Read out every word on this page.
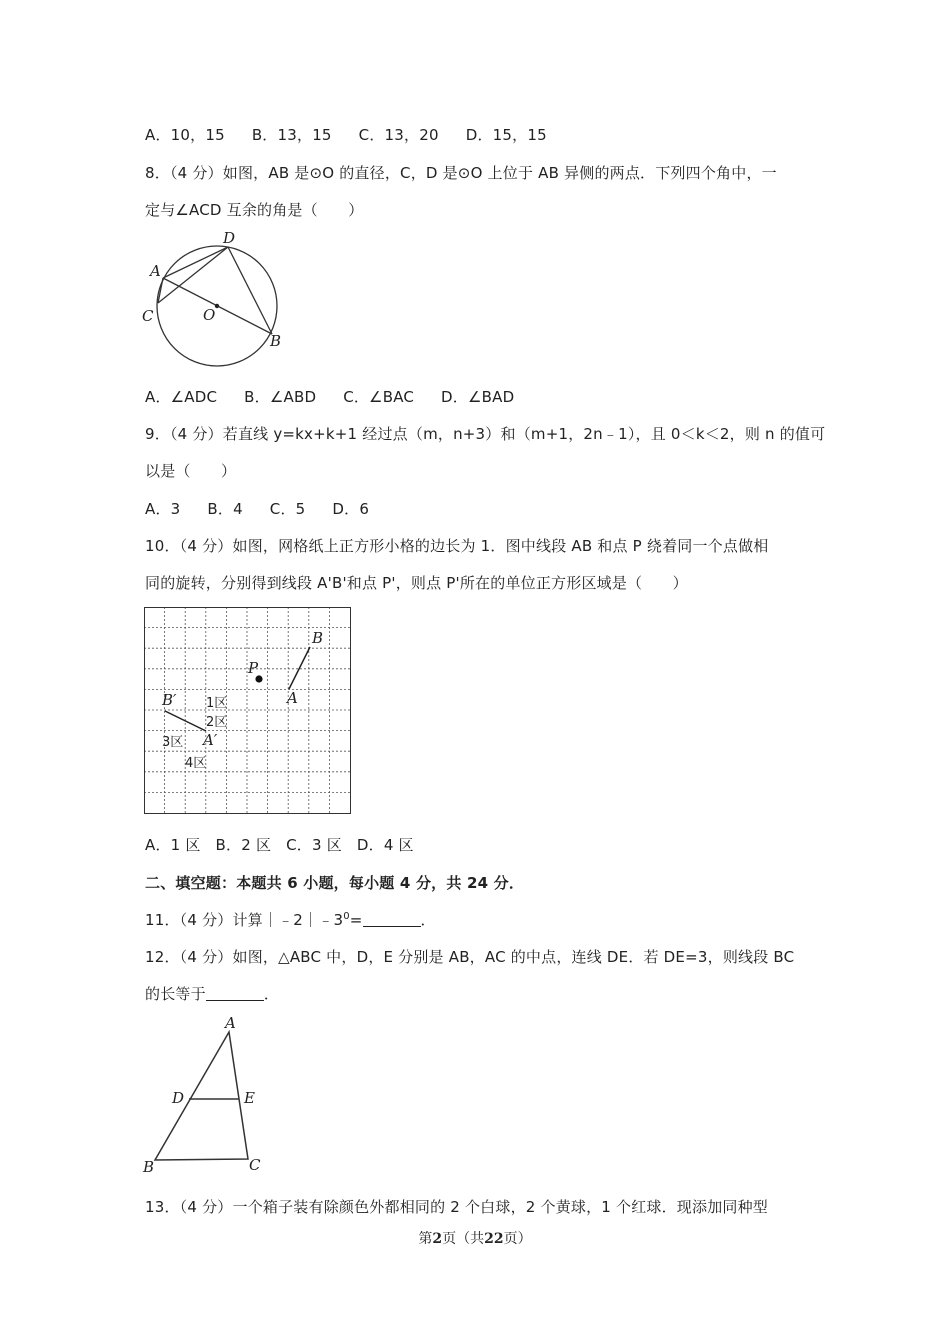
A．10，15 B．13，15 C．13，20 D．15，15
8．（4 分）如图，AB 是⊙O 的直径，C，D 是⊙O 上位于 AB 异侧的两点．下列四个角中，一
定与∠ACD 互余的角是（　　）
D
A
C	O
B
A．∠ADC B．∠ABD C．∠BAC D．∠BAD
9．（4 分）若直线 y=kx+k+1 经过点（m，n+3）和（m+1，2n﹣1），且 0＜k＜2，则 n 的值可
以是（　　）
A．3 B．4 C．5 D．6
10．（4 分）如图，网格纸上正方形小格的边长为 1．图中线段 AB 和点 P 绕着同一个点做相
同的旋转，分别得到线段 A'B'和点 P'，则点 P'所在的单位正方形区域是（　　）
P
B
A
B′
A′
1区
2区
3区
4区
A．1 区 B．2 区 C．3 区 D．4 区
二、填空题：本题共 6 小题，每小题 4 分，共 24 分．
11．（4 分）计算$|﹣2|﹣3^0=$	．
12．（4 分）如图，△ABC 中，D，E 分别是 AB，AC 的中点，连线 DE．若 DE=3，则线段 BC
的长等于	．
A
D	E
B	C
13．（4 分）一个箱子装有除颜色外都相同的 2 个白球，2 个黄球，1 个红球．现添加同种型
第2页（共22页）
